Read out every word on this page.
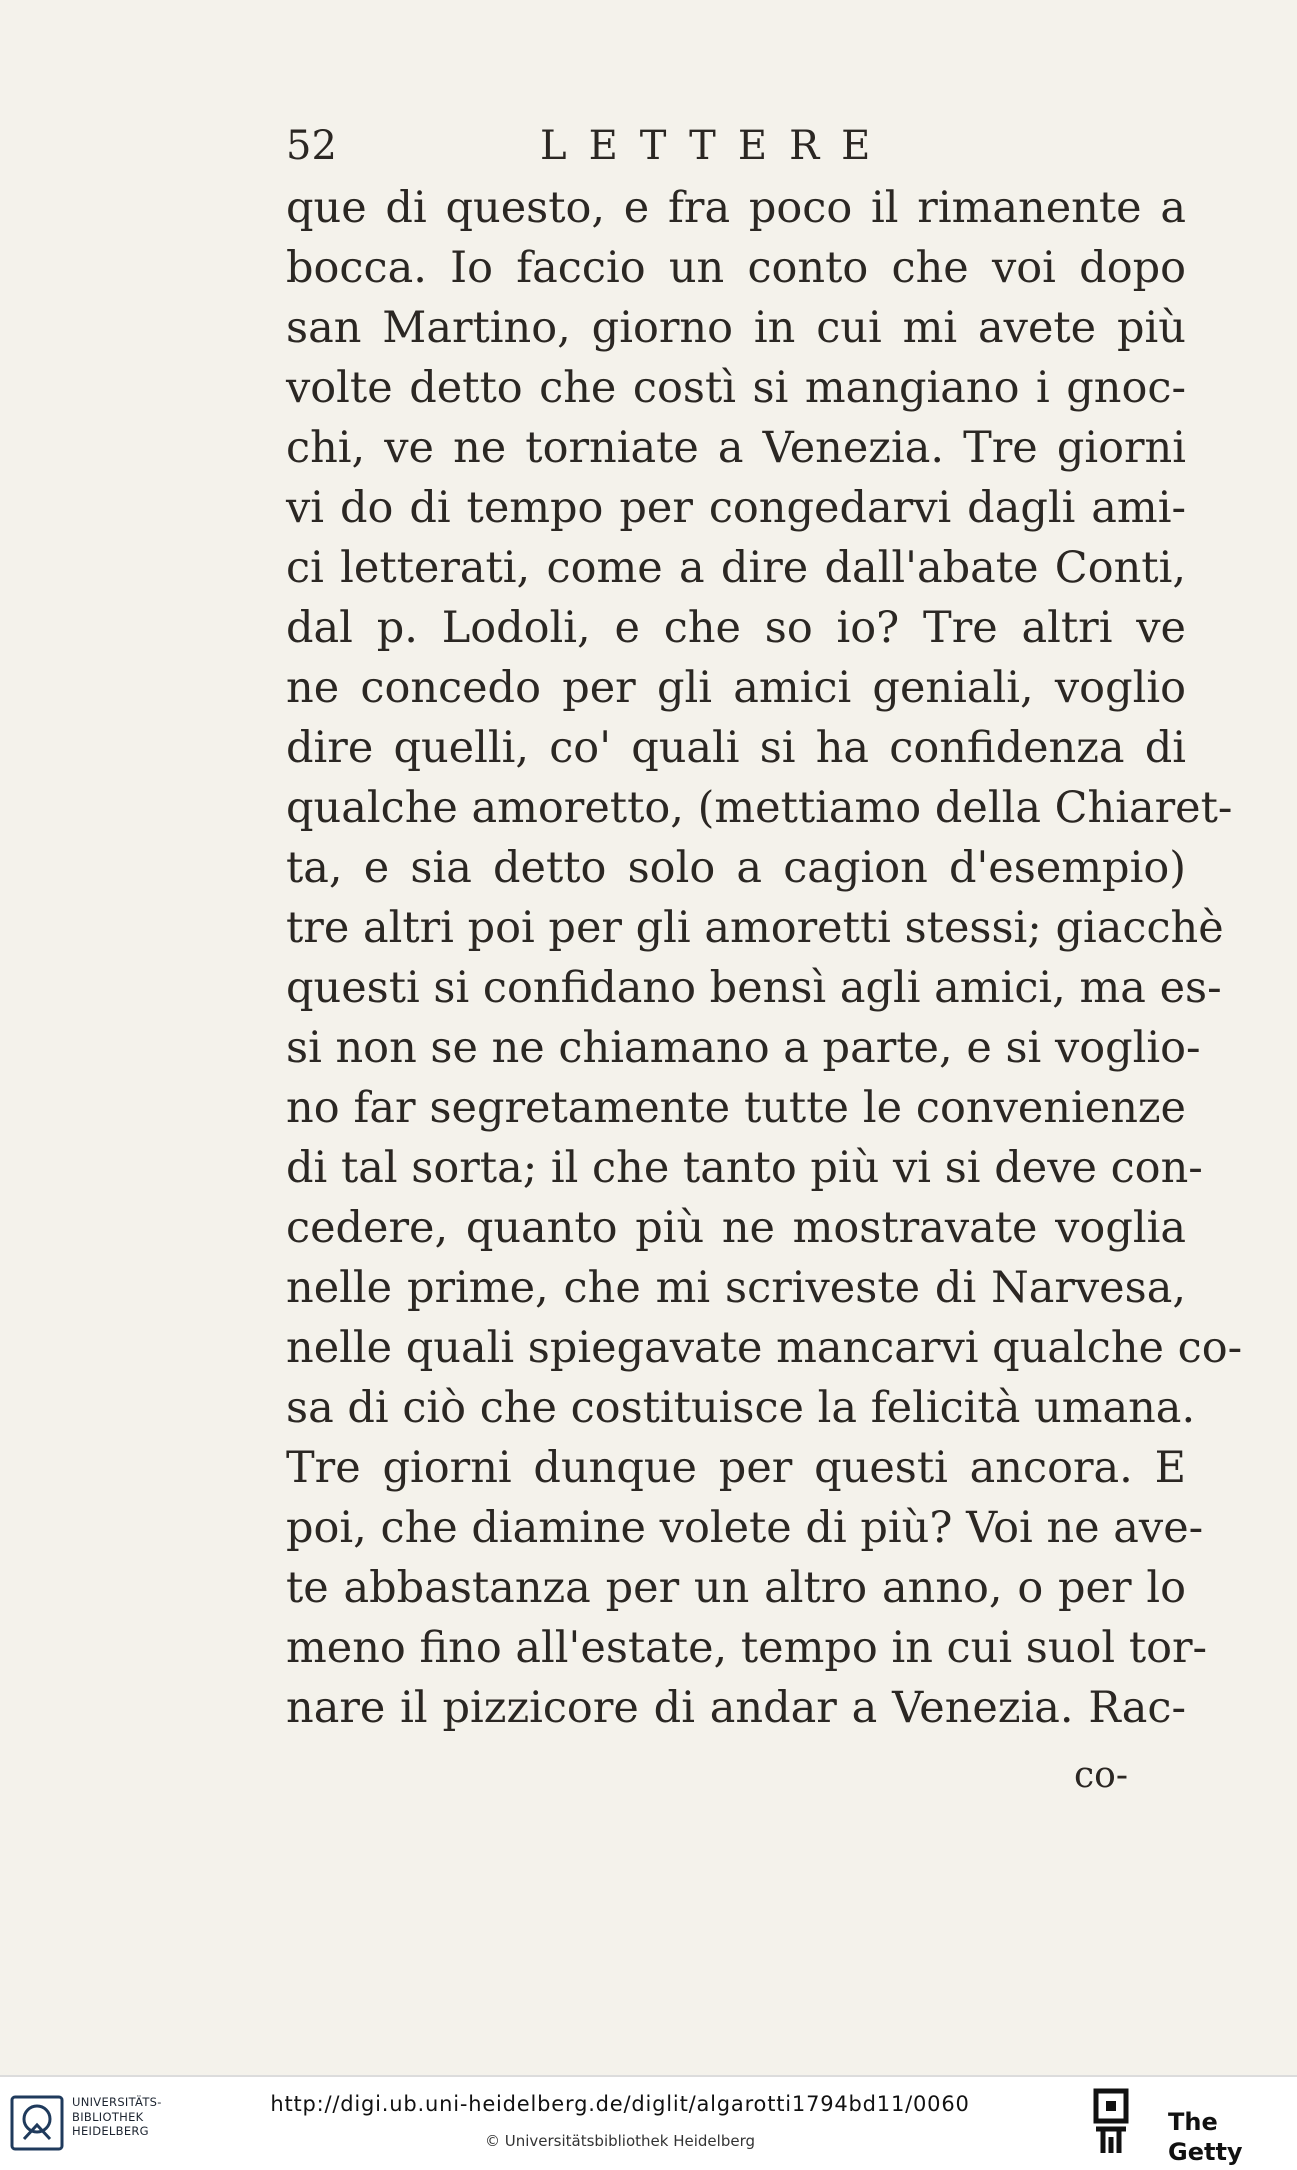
52	LETTERE
que di questo, e fra poco il rimanente a
bocca. Io faccio un conto che voi dopo
san Martino, giorno in cui mi avete più
volte detto che costì si mangiano i gnoc-
chi, ve ne torniate a Venezia. Tre giorni
vi do di tempo per congedarvi dagli ami-
ci letterati, come a dire dall'abate Conti,
dal p. Lodoli, e che so io? Tre altri ve
ne concedo per gli amici geniali, voglio
dire quelli, co' quali si ha confidenza di
qualche amoretto, (mettiamo della Chiaret-
ta, e sia detto solo a cagion d'esempio)
tre altri poi per gli amoretti stessi; giacchè
questi si confidano bensì agli amici, ma es-
si non se ne chiamano a parte, e si voglio-
no far segretamente tutte le convenienze
di tal sorta; il che tanto più vi si deve con-
cedere, quanto più ne mostravate voglia
nelle prime, che mi scriveste di Narvesa,
nelle quali spiegavate mancarvi qualche co-
sa di ciò che costituisce la felicità umana.
Tre giorni dunque per questi ancora. E
poi, che diamine volete di più? Voi ne ave-
te abbastanza per un altro anno, o per lo
meno fino all'estate, tempo in cui suol tor-
nare il pizzicore di andar a Venezia. Rac-
co-
UNIVERSITÄTS-
BIBLIOTHEK
HEIDELBERG
http://digi.ub.uni-heidelberg.de/diglit/algarotti1794bd11/0060
© Universitätsbibliothek Heidelberg
The Getty
